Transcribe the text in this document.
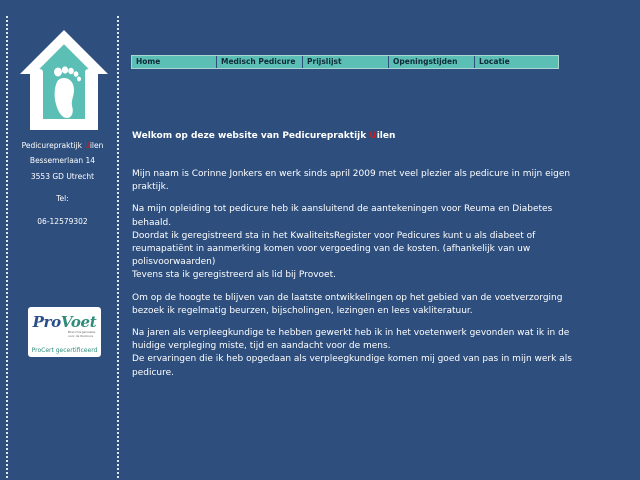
Pedicurepraktijk Uilen
Bessemerlaan 14
3553 GD Utrecht
Tel:
06-12579302
ProVoet
Branchorganisatie voor de Pedicure
ProCert gecertificeerd
Home	Medisch Pedicure	Prijslijst	Openingstijden	Locatie
Welkom op deze website van Pedicurepraktijk Uilen

Mijn naam is Corinne Jonkers en werk sinds april 2009 met veel plezier als pedicure in mijn eigen praktijk.

Na mijn opleiding tot pedicure heb ik aansluitend de aantekeningen voor Reuma en Diabetes behaald.
Doordat ik geregistreerd sta in het KwaliteitsRegister voor Pedicures kunt u als diabeet of reumapatiënt in aanmerking komen voor vergoeding van de kosten. (afhankelijk van uw polisvoorwaarden)
Tevens sta ik geregistreerd als lid bij Provoet.

Om op de hoogte te blijven van de laatste ontwikkelingen op het gebied van de voetverzorging bezoek ik regelmatig beurzen, bijscholingen, lezingen en lees vakliteratuur.

Na jaren als verpleegkundige te hebben gewerkt heb ik in het voetenwerk gevonden wat ik in de huidige verpleging miste, tijd en aandacht voor de mens.
De ervaringen die ik heb opgedaan als verpleegkundige komen mij goed van pas in mijn werk als pedicure.
